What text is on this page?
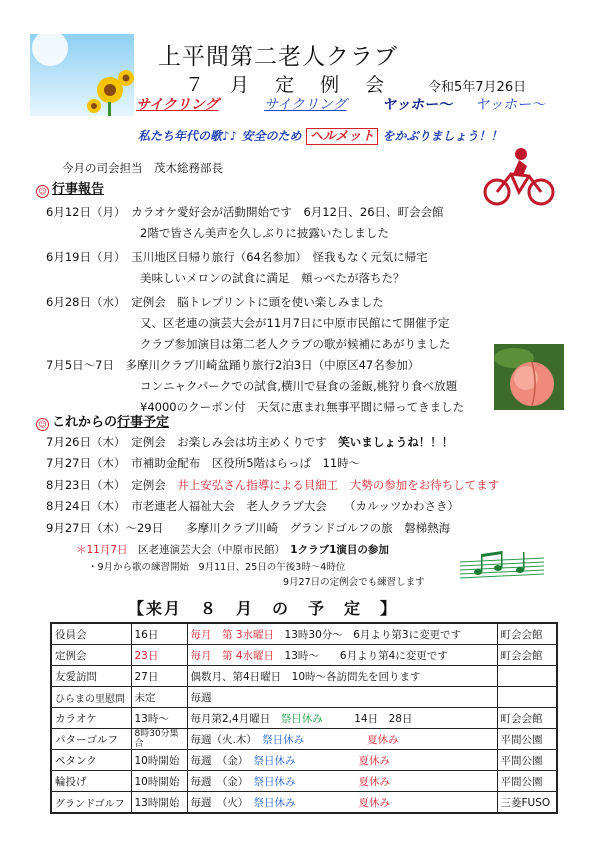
上平間第二老人クラブ
７ 月 定 例 会	令和5年7月26日
サイクリング	サイクリング	ヤッホー～ ヤッホー～
私たち年代の歌♪♪ 安全のため ヘルメット をかぶりましょう！！
今月の司会担当　茂木総務部長
☺ 行事報告
6月12日（月）　カラオケ愛好会が活動開始です　6月12日、26日、町会会館
2階で皆さん美声を久しぶりに披露いたしました
6月19日（月）　玉川地区日帰り旅行（64名参加）　怪我もなく元気に帰宅
美味しいメロンの試食に満足　頬っぺたが落ちた？
6月28日（水）　定例会　脳トレプリントに頭を使い楽しみました
又、区老連の演芸大会が11月7日に中原市民館にて開催予定
クラブ参加演目は第二老人クラブの歌が候補にあがりました
7月5日～7日　多摩川クラブ川崎盆踊り旅行2泊3日（中原区47名参加）
コンニャクパークでの試食,横川で昼食の釜飯,桃狩り食べ放題
¥4000のクーポン付　天気に恵まれ無事平間に帰ってきました
☺ これからの行事予定
7月26日（木）　定例会　お楽しみ会は坊主めくりです　笑いましょうね！！！
7月27日（木）　市補助金配布　区役所5階はらっぱ　11時～
8月23日（木）　定例会　井上安弘さん指導による貝細工　大勢の参加をお待ちしてます
8月24日（木）　市老連老人福祉大会　老人クラブ大会　　（カルッツかわさき）
9月27日（木）～29日　　多摩川クラブ川崎　グランドゴルフの旅　磐梯熱海
＊11月7日　区老連演芸大会（中原市民館）　1クラブ1演目の参加
・9月から歌の練習開始　9月11日、25日の午後3時～4時位
9月27日の定例会でも練習します
【来月　８　月　の　予　定　】
役員会	16日	毎月　第 3水曜日　 13時30分～　6月より第3に変更です	町会会館
定例会	23日	毎月　第 4水曜日　 13時～　　6月より第4に変更です	町会会館
友愛訪問	27日	偶数月、第4日曜日　10時～各訪問先を回ります	
ひらまの里慰問	未定	毎週	
カラオケ	13時～	毎月第2,4月曜日　 祭日休み　　　 14日　28日	町会会館
パターゴルフ	8時30分集合	毎週（火.木）　 祭日休み　　　　　　 夏休み	平間公園
ペタンク	10時開始	毎週　（金）　 祭日休み　　　　　　 夏休み	平間公園
輪投げ	10時開始	毎週　（金）　 祭日休み　　　　　　 夏休み	平間公園
グランドゴルフ	13時開始	毎週　（火）　 祭日休み　　　　　　 夏休み	三菱FUSO
